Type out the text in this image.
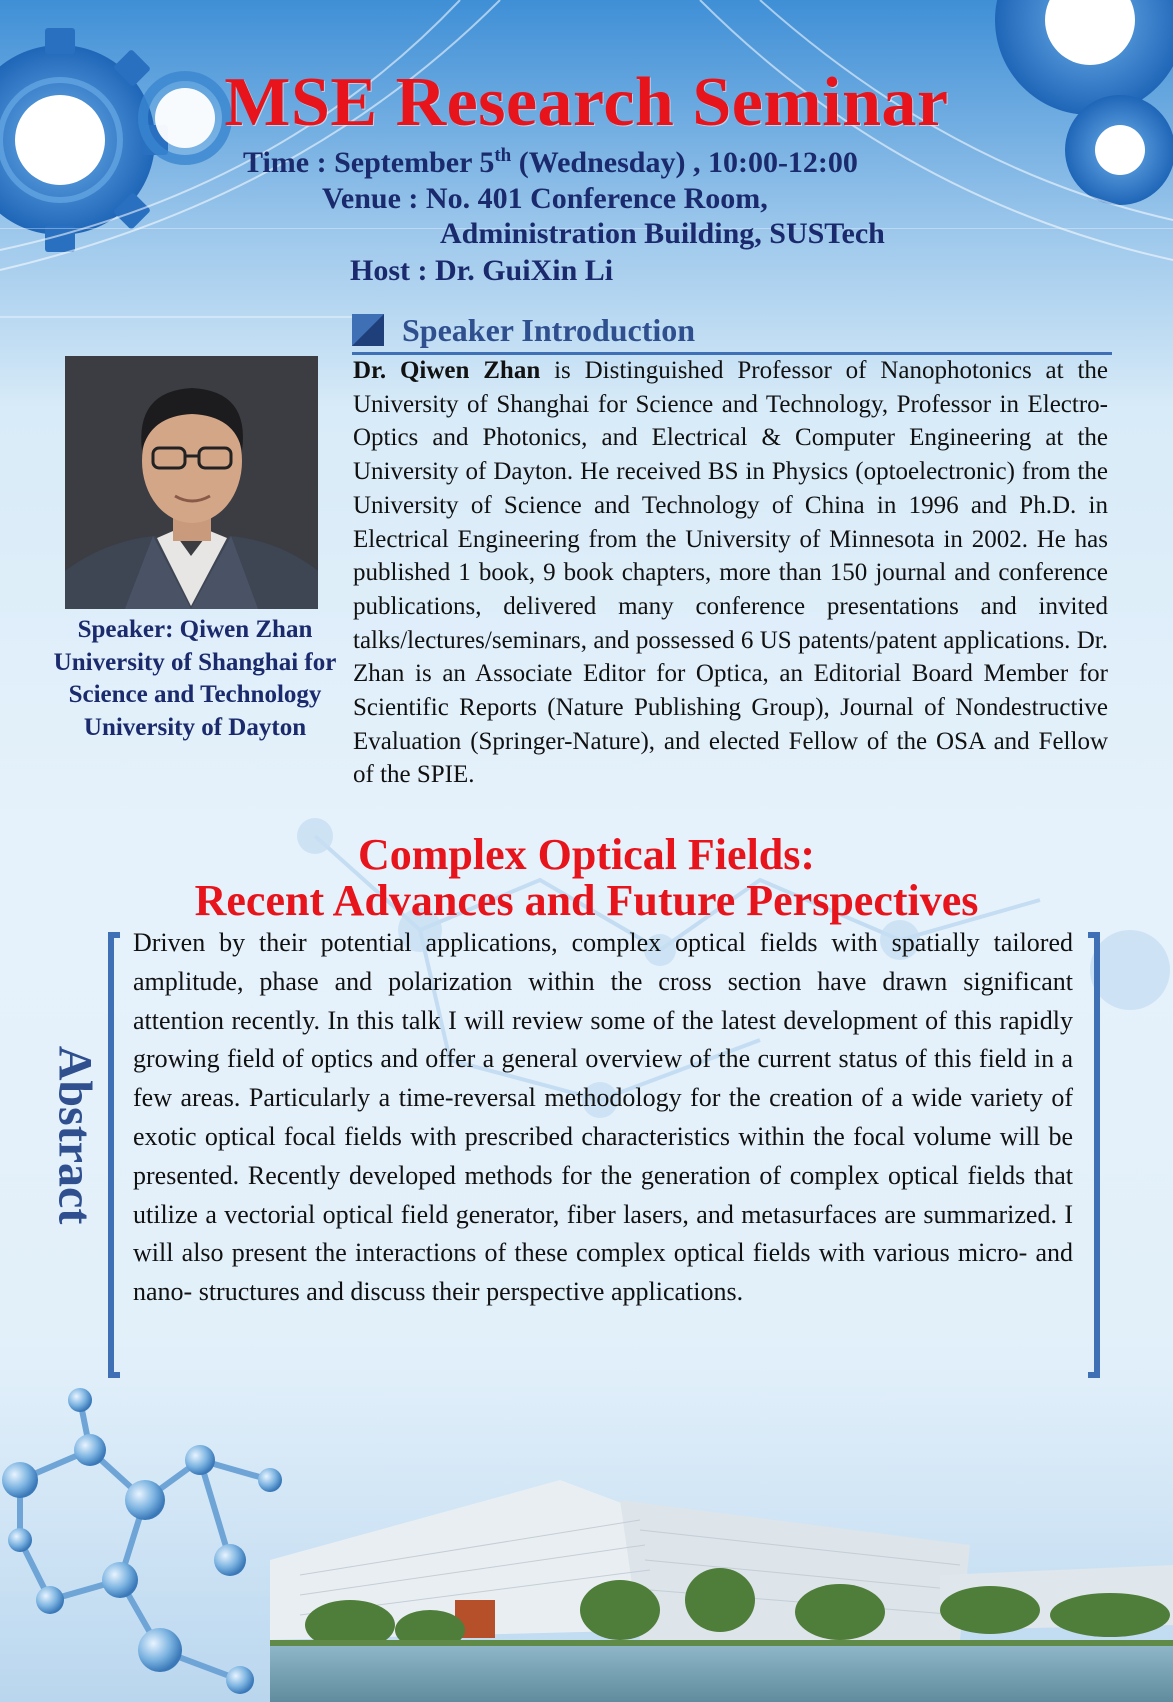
MSE Research Seminar
Time : September 5th (Wednesday) , 10:00-12:00
Venue : No. 401 Conference Room,
Administration Building, SUSTech
Host : Dr. GuiXin Li
Speaker Introduction
Speaker: Qiwen Zhan
University of Shanghai for
Science and Technology
University of Dayton
Dr. Qiwen Zhan is Distinguished Professor of Nanophotonics at the University of Shanghai for Science and Technology, Professor in Electro-Optics and Photonics, and Electrical & Computer Engineering at the University of Dayton. He received BS in Physics (optoelectronic) from the University of Science and Technology of China in 1996 and Ph.D. in Electrical Engineering from the University of Minnesota in 2002. He has published 1 book, 9 book chapters, more than 150 journal and conference publications, delivered many conference presentations and invited talks/lectures/seminars, and possessed 6 US patents/patent applications. Dr. Zhan is an Associate Editor for Optica, an Editorial Board Member for Scientific Reports (Nature Publishing Group), Journal of Nondestructive Evaluation (Springer-Nature), and elected Fellow of the OSA and Fellow of the SPIE.
Complex Optical Fields:
Recent Advances and Future Perspectives
Abstract
Driven by their potential applications, complex optical fields with spatially tailored amplitude, phase and polarization within the cross section have drawn significant attention recently. In this talk I will review some of the latest development of this rapidly growing field of optics and offer a general overview of the current status of this field in a few areas. Particularly a time-reversal methodology for the creation of a wide variety of exotic optical focal fields with prescribed characteristics within the focal volume will be presented. Recently developed methods for the generation of complex optical fields that utilize a vectorial optical field generator, fiber lasers, and metasurfaces are summarized. I will also present the interactions of these complex optical fields with various micro- and nano- structures and discuss their perspective applications.
